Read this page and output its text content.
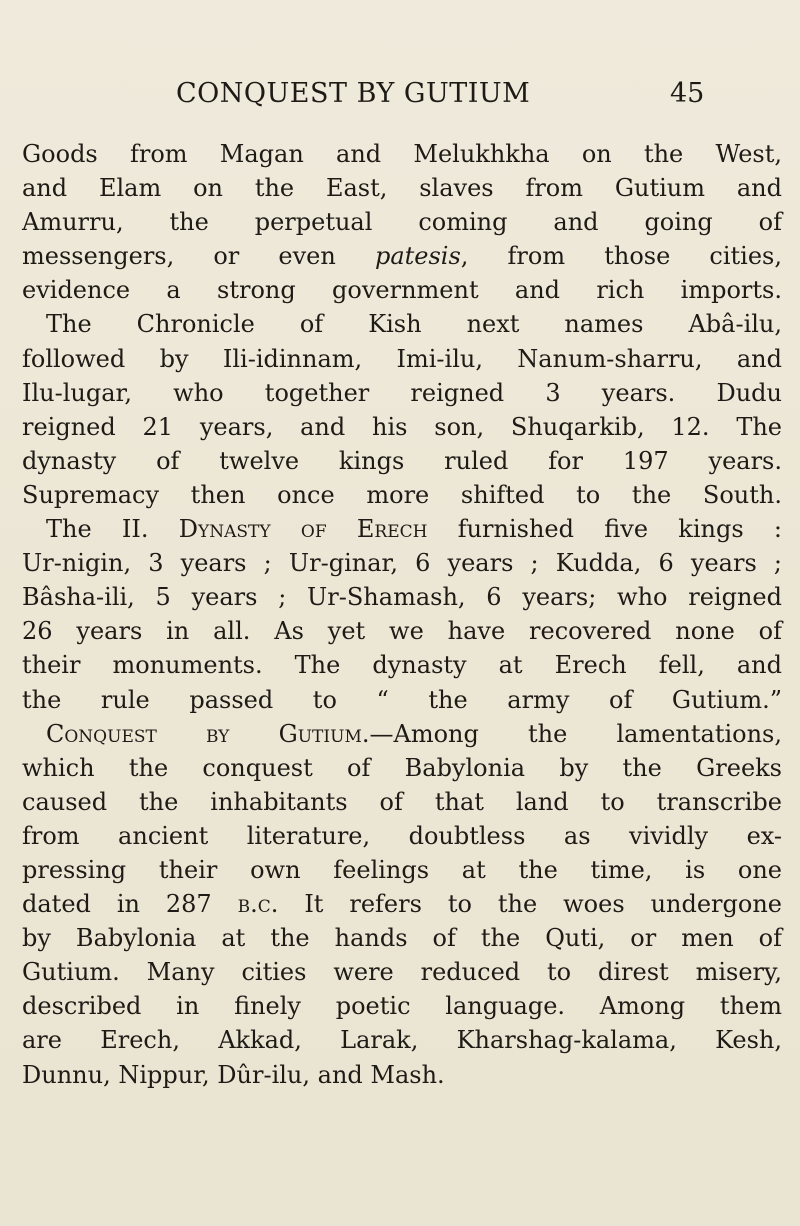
CONQUEST BY GUTIUM	45
Goods from Magan and Melukhkha on the West,
and Elam on the East, slaves from Gutium and
Amurru, the perpetual coming and going of
messengers, or even patesis, from those cities,
evidence a strong government and rich imports.
The Chronicle of Kish next names Abâ-ilu,
followed by Ili-idinnam, Imi-ilu, Nanum-sharru, and
Ilu-lugar, who together reigned 3 years. Dudu
reigned 21 years, and his son, Shuqarkib, 12. The
dynasty of twelve kings ruled for 197 years.
Supremacy then once more shifted to the South.
The II. Dynasty of Erech furnished five kings :
Ur-nigin, 3 years ; Ur-ginar, 6 years ; Kudda, 6 years ;
Bâsha-ili, 5 years ; Ur-Shamash, 6 years; who reigned
26 years in all. As yet we have recovered none of
their monuments. The dynasty at Erech fell, and
the rule passed to “ the army of Gutium.”
Conquest by Gutium.—Among the lamentations,
which the conquest of Babylonia by the Greeks
caused the inhabitants of that land to transcribe
from ancient literature, doubtless as vividly ex-
pressing their own feelings at the time, is one
dated in 287 b.c. It refers to the woes undergone
by Babylonia at the hands of the Quti, or men of
Gutium. Many cities were reduced to direst misery,
described in finely poetic language. Among them
are Erech, Akkad, Larak, Kharshag-kalama, Kesh,
Dunnu, Nippur, Dûr-ilu, and Mash.
